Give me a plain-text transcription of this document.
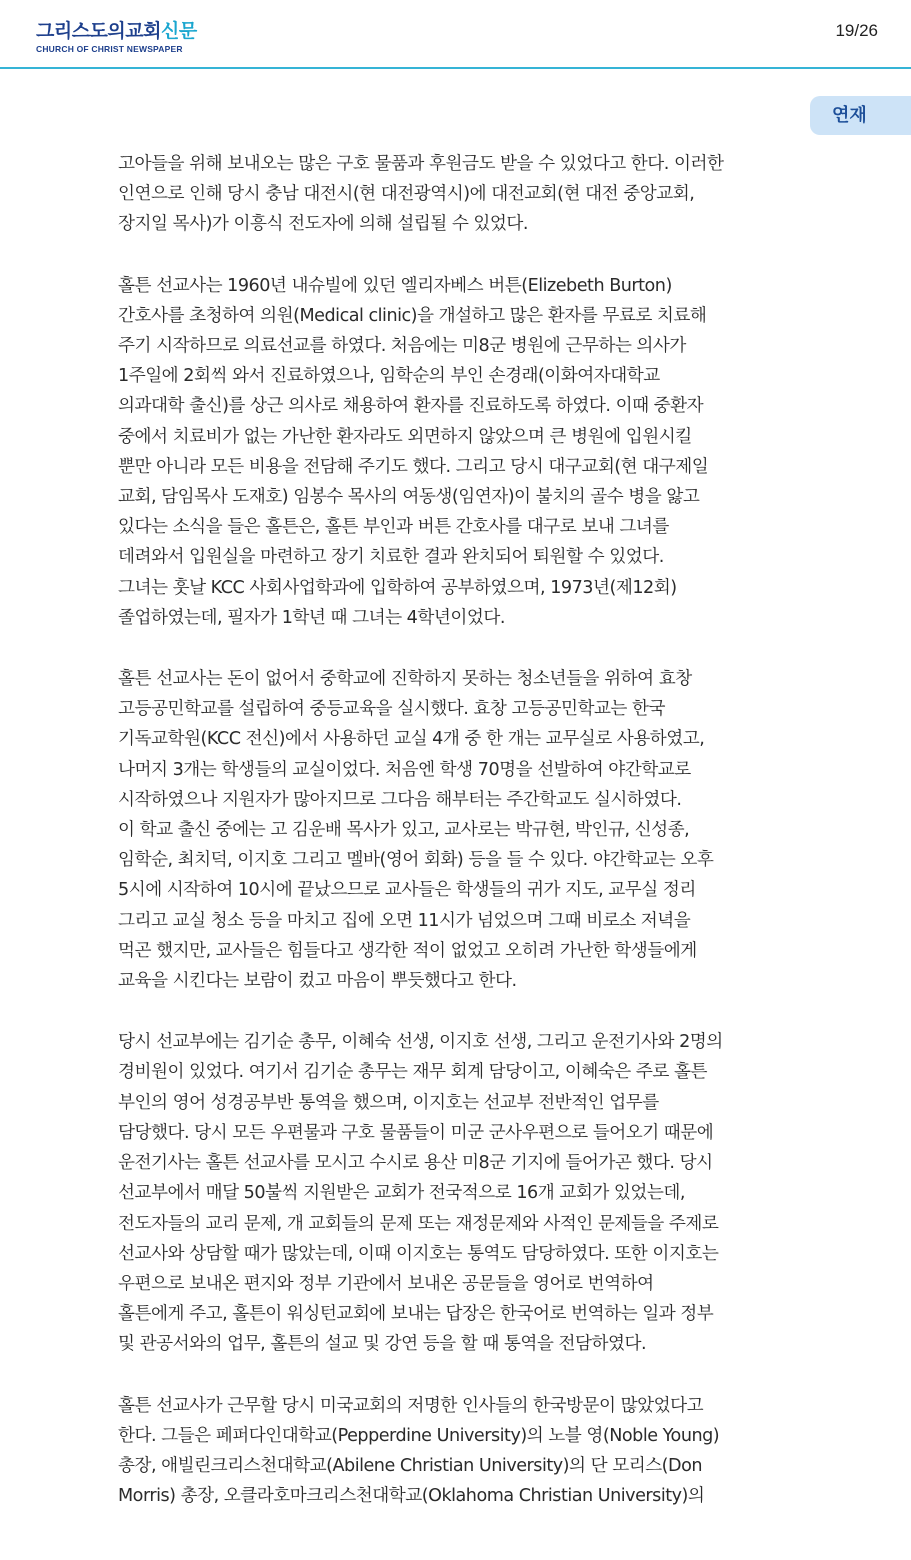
그리스도의교회신문
CHURCH OF CHRIST NEWSPAPER
19/26
연재

고아들을 위해 보내오는 많은 구호 물품과 후원금도 받을 수 있었다고 한다. 이러한
인연으로 인해 당시 충남 대전시(현 대전광역시)에 대전교회(현 대전 중앙교회,
장지일 목사)가 이흥식 전도자에 의해 설립될 수 있었다.

홀튼 선교사는 1960년 내슈빌에 있던 엘리자베스 버튼(Elizebeth Burton)
간호사를 초청하여 의원(Medical clinic)을 개설하고 많은 환자를 무료로 치료해
주기 시작하므로 의료선교를 하였다. 처음에는 미8군 병원에 근무하는 의사가
1주일에 2회씩 와서 진료하였으나, 임학순의 부인 손경래(이화여자대학교
의과대학 출신)를 상근 의사로 채용하여 환자를 진료하도록 하였다. 이때 중환자
중에서 치료비가 없는 가난한 환자라도 외면하지 않았으며 큰 병원에 입원시킬
뿐만 아니라 모든 비용을 전담해 주기도 했다. 그리고 당시 대구교회(현 대구제일
교회, 담임목사 도재호) 임봉수 목사의 여동생(임연자)이 불치의 골수 병을 앓고
있다는 소식을 들은 홀튼은, 홀튼 부인과 버튼 간호사를 대구로 보내 그녀를
데려와서 입원실을 마련하고 장기 치료한 결과 완치되어 퇴원할 수 있었다.
그녀는 훗날 KCC 사회사업학과에 입학하여 공부하였으며, 1973년(제12회)
졸업하였는데, 필자가 1학년 때 그녀는 4학년이었다.

홀튼 선교사는 돈이 없어서 중학교에 진학하지 못하는 청소년들을 위하여 효창
고등공민학교를 설립하여 중등교육을 실시했다. 효창 고등공민학교는 한국
기독교학원(KCC 전신)에서 사용하던 교실 4개 중 한 개는 교무실로 사용하였고,
나머지 3개는 학생들의 교실이었다. 처음엔 학생 70명을 선발하여 야간학교로
시작하였으나 지원자가 많아지므로 그다음 해부터는 주간학교도 실시하였다.
이 학교 출신 중에는 고 김운배 목사가 있고, 교사로는 박규현, 박인규, 신성종,
임학순, 최치덕, 이지호 그리고 멜바(영어 회화) 등을 들 수 있다. 야간학교는 오후
5시에 시작하여 10시에 끝났으므로 교사들은 학생들의 귀가 지도, 교무실 정리
그리고 교실 청소 등을 마치고 집에 오면 11시가 넘었으며 그때 비로소 저녁을
먹곤 했지만, 교사들은 힘들다고 생각한 적이 없었고 오히려 가난한 학생들에게
교육을 시킨다는 보람이 컸고 마음이 뿌듯했다고 한다.

당시 선교부에는 김기순 총무, 이혜숙 선생, 이지호 선생, 그리고 운전기사와 2명의
경비원이 있었다. 여기서 김기순 총무는 재무 회계 담당이고, 이혜숙은 주로 홀튼
부인의 영어 성경공부반 통역을 했으며, 이지호는 선교부 전반적인 업무를
담당했다. 당시 모든 우편물과 구호 물품들이 미군 군사우편으로 들어오기 때문에
운전기사는 홀튼 선교사를 모시고 수시로 용산 미8군 기지에 들어가곤 했다. 당시
선교부에서 매달 50불씩 지원받은 교회가 전국적으로 16개 교회가 있었는데,
전도자들의 교리 문제, 개 교회들의 문제 또는 재정문제와 사적인 문제들을 주제로
선교사와 상담할 때가 많았는데, 이때 이지호는 통역도 담당하였다. 또한 이지호는
우편으로 보내온 편지와 정부 기관에서 보내온 공문들을 영어로 번역하여
홀튼에게 주고, 홀튼이 워싱턴교회에 보내는 답장은 한국어로 번역하는 일과 정부
및 관공서와의 업무, 홀튼의 설교 및 강연 등을 할 때 통역을 전담하였다.

홀튼 선교사가 근무할 당시 미국교회의 저명한 인사들의 한국방문이 많았었다고
한다. 그들은 페퍼다인대학교(Pepperdine University)의 노블 영(Noble Young)
총장, 애빌린크리스천대학교(Abilene Christian University)의 단 모리스(Don
Morris) 총장, 오클라호마크리스천대학교(Oklahoma Christian University)의
